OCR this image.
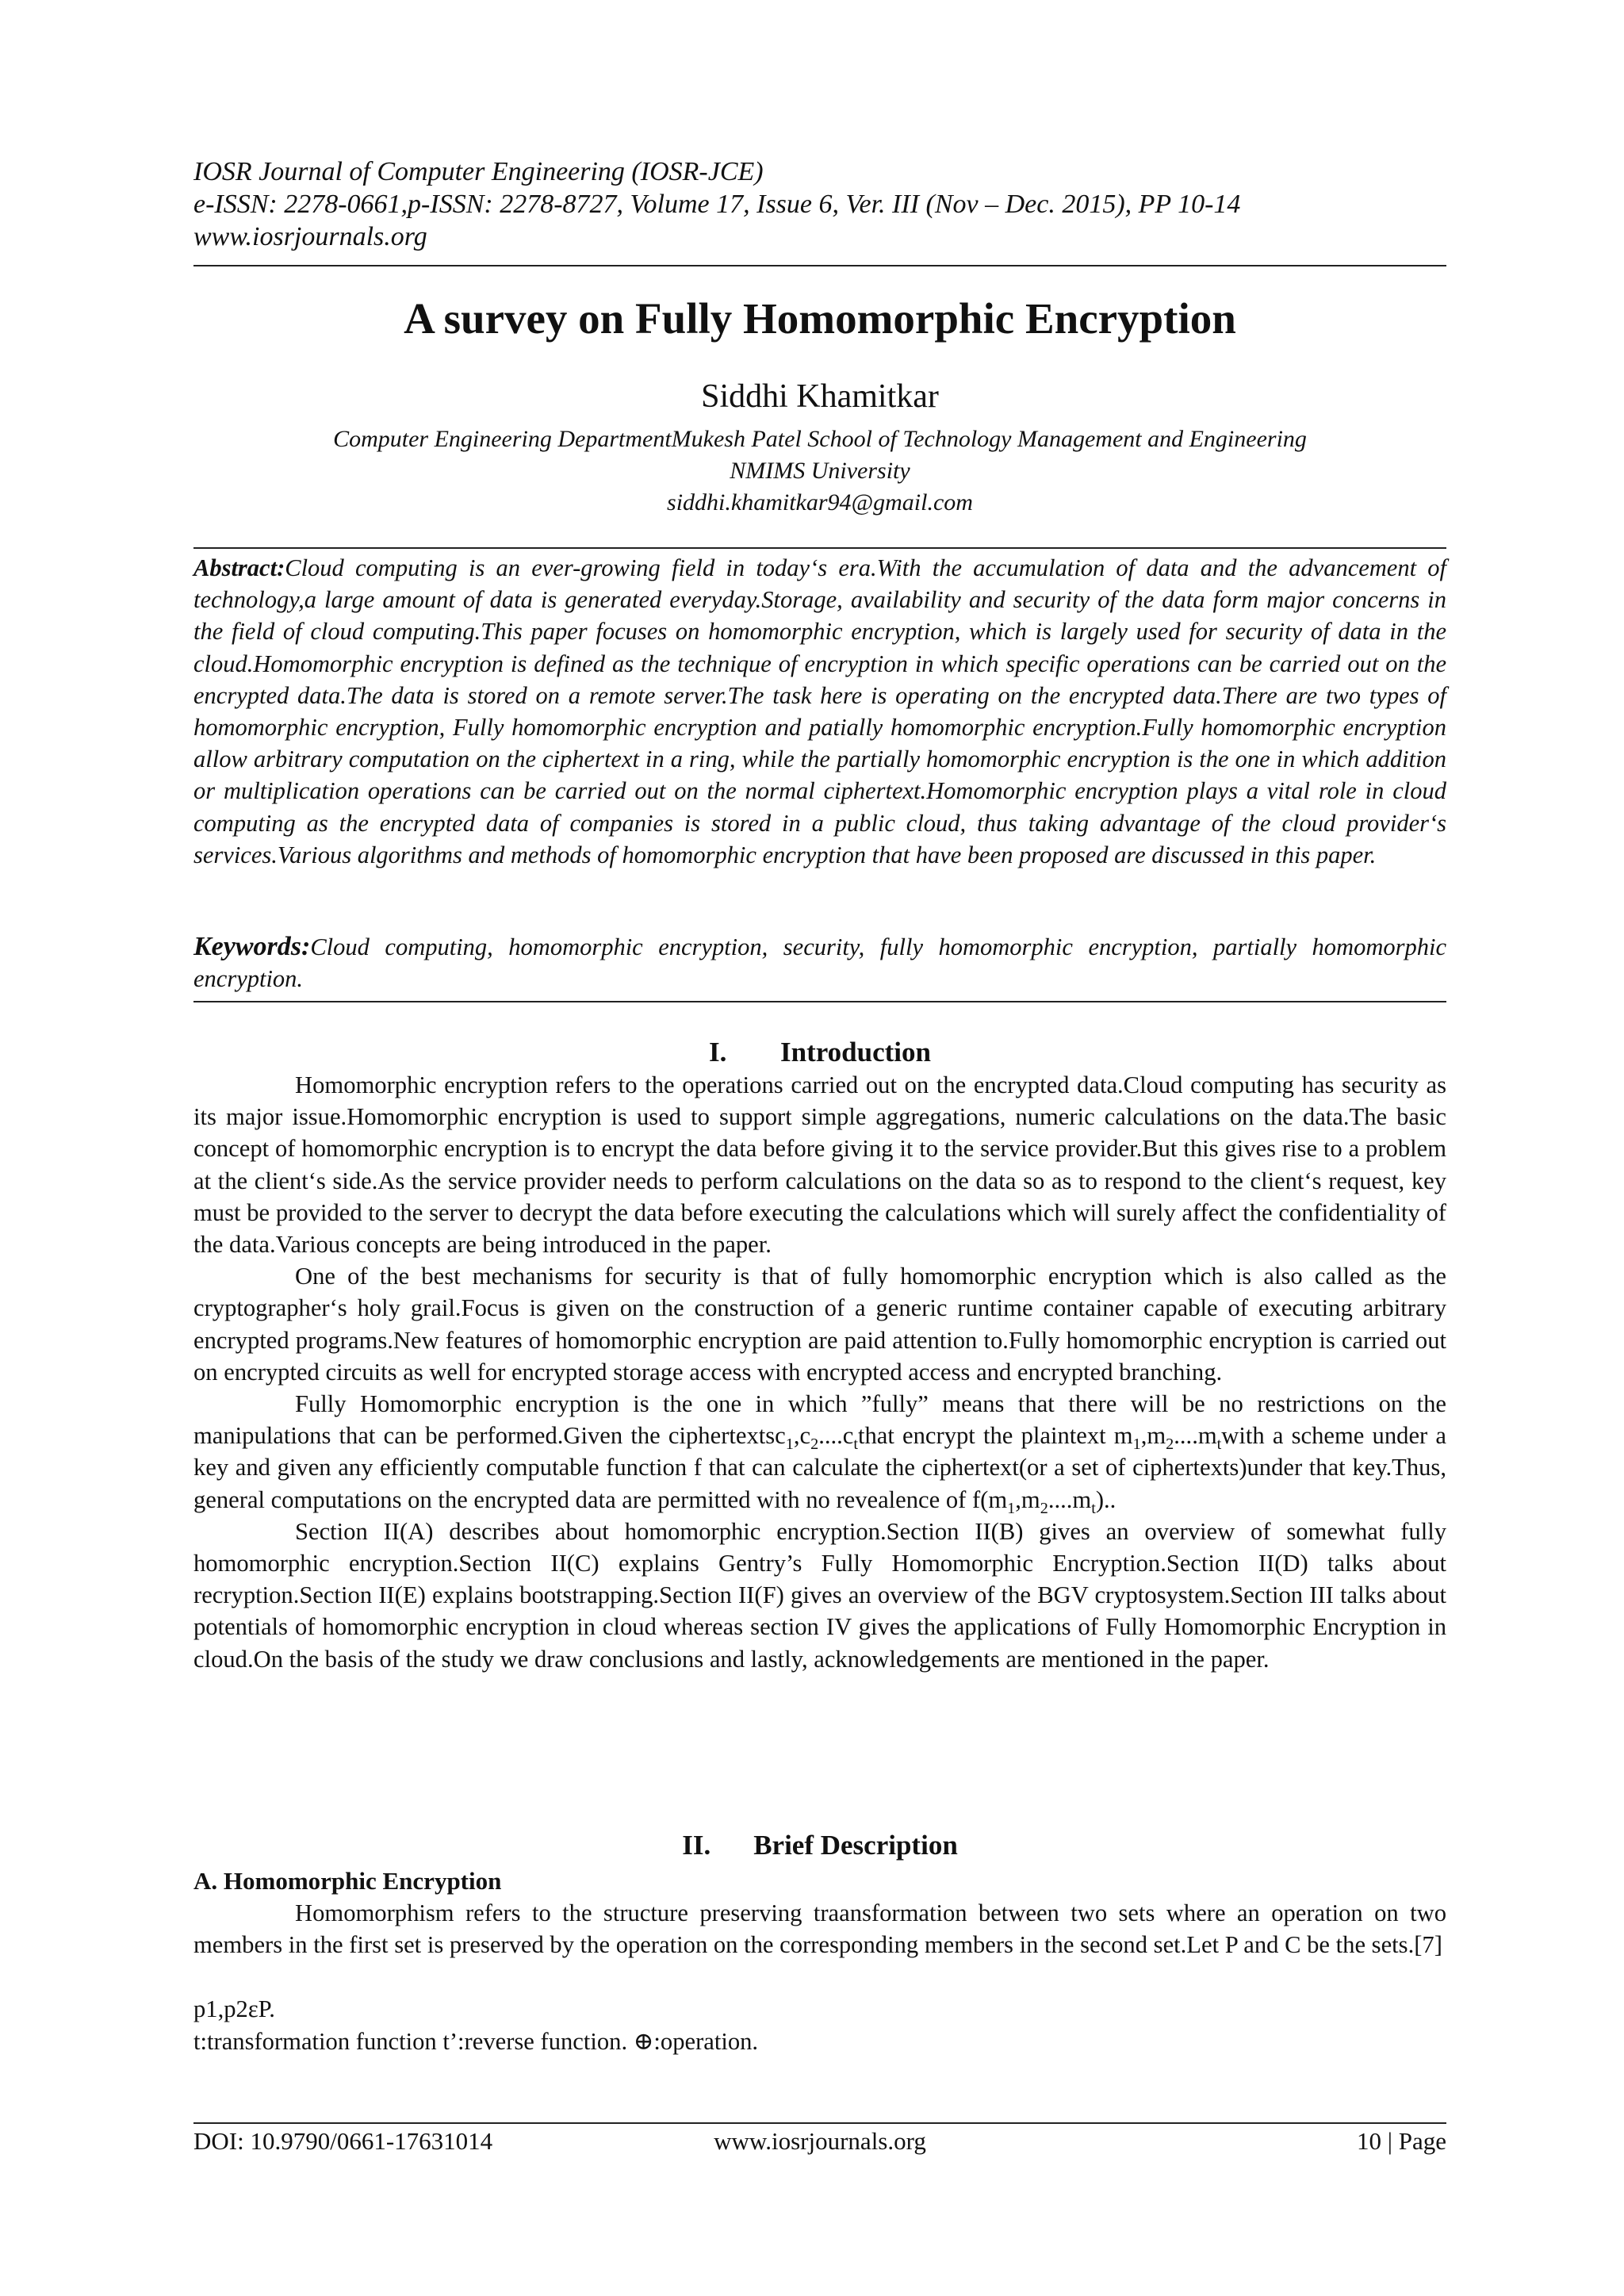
IOSR Journal of Computer Engineering (IOSR-JCE)
e-ISSN: 2278-0661,p-ISSN: 2278-8727, Volume 17, Issue 6, Ver. III (Nov – Dec. 2015), PP 10-14
www.iosrjournals.org
A survey on Fully Homomorphic Encryption
Siddhi Khamitkar
Computer Engineering DepartmentMukesh Patel School of Technology Management and Engineering
NMIMS University
siddhi.khamitkar94@gmail.com
Abstract:Cloud computing is an ever-growing field in today‘s era.With the accumulation of data and the advancement of technology,a large amount of data is generated everyday.Storage, availability and security of the data form major concerns in the field of cloud computing.This paper focuses on homomorphic encryption, which is largely used for security of data in the cloud.Homomorphic encryption is defined as the technique of encryption in which specific operations can be carried out on the encrypted data.The data is stored on a remote server.The task here is operating on the encrypted data.There are two types of homomorphic encryption, Fully homomorphic encryption and patially homomorphic encryption.Fully homomorphic encryption allow arbitrary computation on the ciphertext in a ring, while the partially homomorphic encryption is the one in which addition or multiplication operations can be carried out on the normal ciphertext.Homomorphic encryption plays a vital role in cloud computing as the encrypted data of companies is stored in a public cloud, thus taking advantage of the cloud provider‘s services.Various algorithms and methods of homomorphic encryption that have been proposed are discussed in this paper.
Keywords:Cloud computing, homomorphic encryption, security, fully homomorphic encryption, partially homomorphic encryption.
I. Introduction

Homomorphic encryption refers to the operations carried out on the encrypted data.Cloud computing has security as its major issue.Homomorphic encryption is used to support simple aggregations, numeric calculations on the data.The basic concept of homomorphic encryption is to encrypt the data before giving it to the service provider.But this gives rise to a problem at the client‘s side.As the service provider needs to perform calculations on the data so as to respond to the client‘s request, key must be provided to the server to decrypt the data before executing the calculations which will surely affect the confidentiality of the data.Various concepts are being introduced in the paper.

One of the best mechanisms for security is that of fully homomorphic encryption which is also called as the cryptographer‘s holy grail.Focus is given on the construction of a generic runtime container capable of executing arbitrary encrypted programs.New features of homomorphic encryption are paid attention to.Fully homomorphic encryption is carried out on encrypted circuits as well for encrypted storage access with encrypted access and encrypted branching.

Fully Homomorphic encryption is the one in which ”fully” means that there will be no restrictions on the manipulations that can be performed.Given the $ciphertextsc_1,c_2....c_tthat$ encrypt the plaintext $m_1,m_2....m_twith$ a scheme under a key and given any efficiently computable function f that can calculate the ciphertext(or a set of ciphertexts)under that key.Thus, general computations on the encrypted data are permitted with no revealence of $f(m_1,m_2....m_t)$..

Section II(A) describes about homomorphic encryption.Section II(B) gives an overview of somewhat fully homomorphic encryption.Section II(C) explains Gentry’s Fully Homomorphic Encryption.Section II(D) talks about recryption.Section II(E) explains bootstrapping.Section II(F) gives an overview of the BGV cryptosystem.Section III talks about potentials of homomorphic encryption in cloud whereas section IV gives the applications of Fully Homomorphic Encryption in cloud.On the basis of the study we draw conclusions and lastly, acknowledgements are mentioned in the paper.

II. Brief Description
A. Homomorphic Encryption

Homomorphism refers to the structure preserving traansformation between two sets where an operation on two members in the first set is preserved by the operation on the corresponding members in the second set.Let P and C be the sets.[7]

p1,p2εP.
t:transformation function t’:reverse function. ⊕:operation.
DOI: 10.9790/0661-17631014	www.iosrjournals.org	10 | Page
